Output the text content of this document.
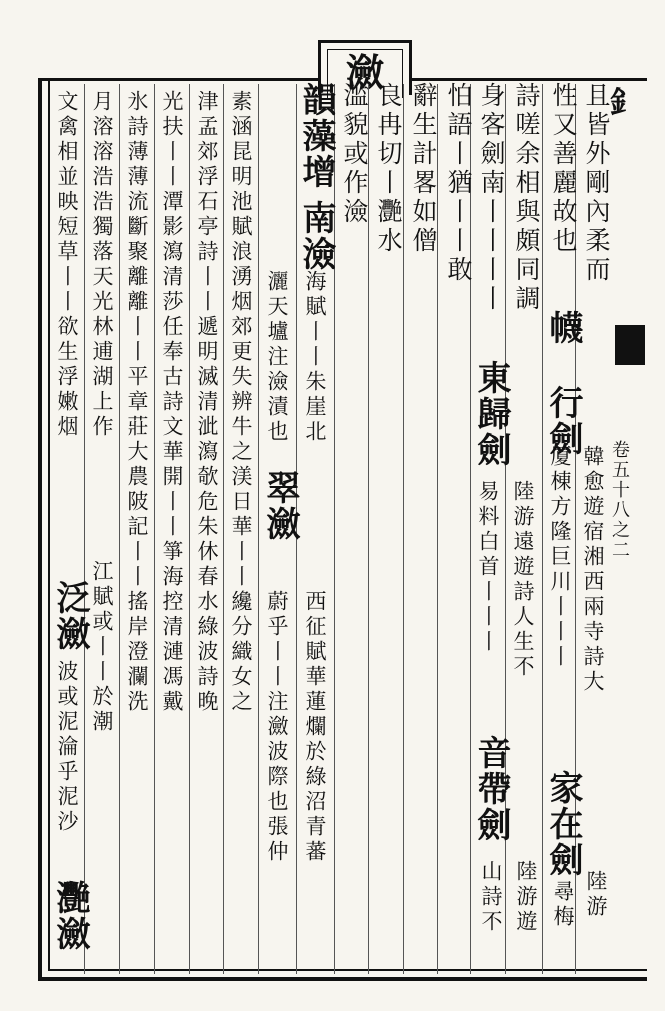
瀲
釒
卷五十八之二
且皆外剛內柔而
性又善麗故也
幭
詩嗟余相與頗同調
身客劍南丨丨丨丨
東歸劍
怕語丨猶丨丨敢
辭生計畧如僧
良冉切丨灧水
滥貌或作澰
行劍
韓愈遊宿湘西兩寺詩大
家在劍
陸游
厦棟方隆巨川丨丨丨
尋梅
陸游遠遊詩人生不
音帶劍
陸游遊
易料白首丨丨丨
山詩不
韻藻增
南澰
海賦丨丨朱崖北
灑天壚注澰漬也
翠瀲
西征賦華蓮爛於綠沼青蕃
蔚乎丨丨注瀲波際也張仲
素涵昆明池賦浪湧烟郊更失辨牛之渼日華丨丨纔分織女之
津孟郊浮石亭詩丨丨遞明滅清泚瀉欹危朱休春水綠波詩晚
光扶丨丨潭影瀉清莎任奉古詩文華開丨丨箏海控清漣馮戴
氷詩薄薄流斷聚離離丨丨平章莊大農陂記丨丨搖岸澄瀾洗
月溶溶浩浩獨落天光林逋湖上作
文禽相並映短草丨丨欲生浮嫩烟
泛瀲 江賦或丨丨於潮
波或泥淪乎泥沙
灧瀲
